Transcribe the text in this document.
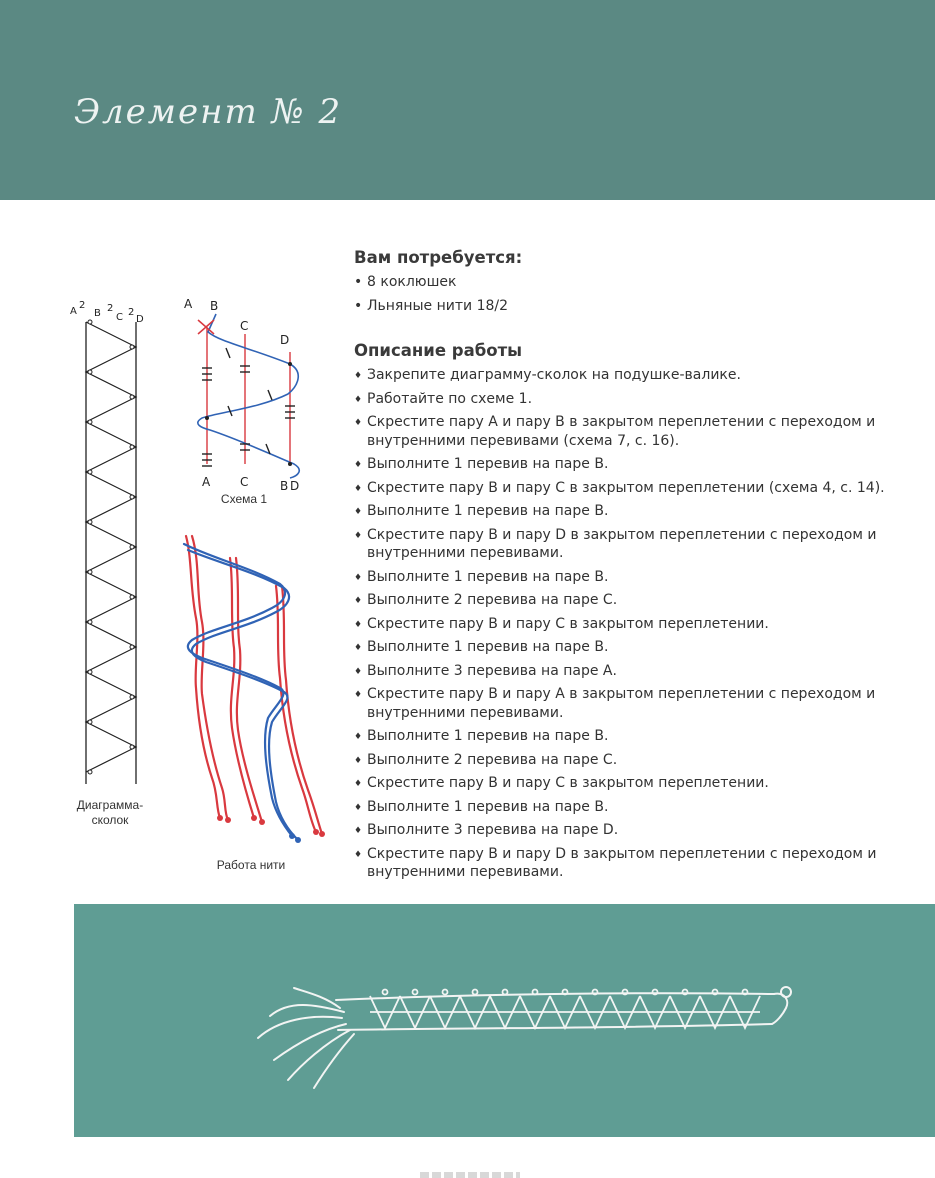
Элемент № 2
A
2
B 2
C 2
D
Диаграмма-
сколок
A B
C
D
A C	B D
Схема 1
Работа нити
Вам потребуется:
• 8 коклюшек
• Льняные нити 18/2
Описание работы
♦ Закрепите диаграмму-сколок на подушке-валике.
♦ Работайте по схеме 1.
♦ Скрестите пару А и пару В в закрытом переплетении с переходом и внутренними перевивами (схема 7, с. 16).
♦ Выполните 1 перевив на паре В.
♦ Скрестите пару В и пару С в закрытом переплетении (схема 4, с. 14).
♦ Выполните 1 перевив на паре В.
♦ Скрестите пару В и пару D в закрытом переплетении с переходом и внутренними перевивами.
♦ Выполните 1 перевив на паре В.
♦ Выполните 2 перевива на паре С.
♦ Скрестите пару В и пару С в закрытом переплетении.
♦ Выполните 1 перевив на паре В.
♦ Выполните 3 перевива на паре А.
♦ Скрестите пару В и пару А в закрытом переплетении с переходом и внутренними перевивами.
♦ Выполните 1 перевив на паре В.
♦ Выполните 2 перевива на паре С.
♦ Скрестите пару В и пару С в закрытом переплетении.
♦ Выполните 1 перевив на паре В.
♦ Выполните 3 перевива на паре D.
♦ Скрестите пару В и пару D в закрытом переплетении с переходом и внутренними перевивами.
